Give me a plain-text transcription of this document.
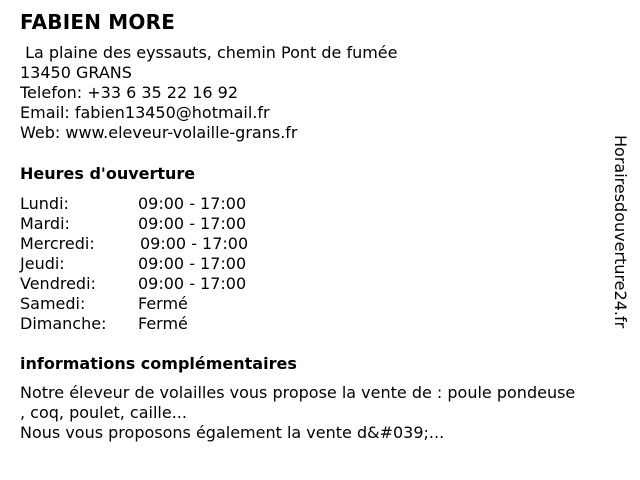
FABIEN MORE
La plaine des eyssauts, chemin Pont de fumée
13450 GRANS
Telefon: +33 6 35 22 16 92
Email: fabien13450@hotmail.fr
Web: www.eleveur-volaille-grans.fr
Heures d'ouverture
Lundi:	09:00 - 17:00
Mardi:	09:00 - 17:00
Mercredi:	09:00 - 17:00
Jeudi:	09:00 - 17:00
Vendredi:	09:00 - 17:00
Samedi:	Fermé
Dimanche: Fermé
informations complémentaires
Notre éleveur de volailles vous propose la vente de : poule pondeuse
, coq, poulet, caille...
Nous vous proposons également la vente d&#039;...
Horairesdouverture24.fr
